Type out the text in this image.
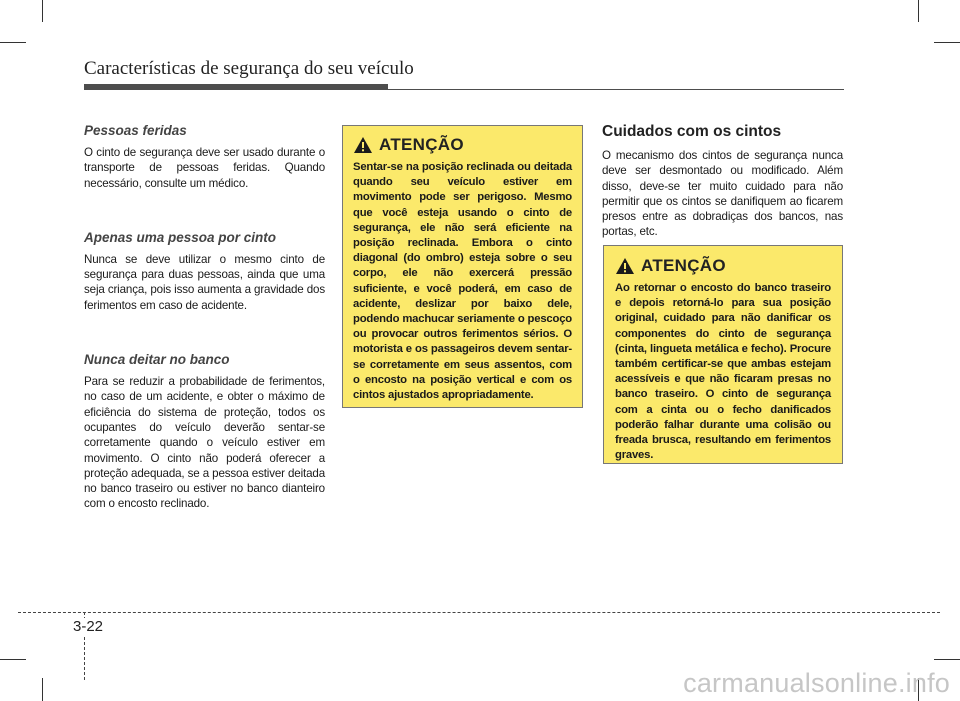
Características de segurança do seu veículo
Pessoas feridas

O cinto de segurança deve ser usado durante o transporte de pessoas feridas. Quando necessário, consulte um médico.

Apenas uma pessoa por cinto

Nunca se deve utilizar o mesmo cinto de segurança para duas pessoas, ainda que uma seja criança, pois isso aumenta a gravidade dos ferimentos em caso de acidente.

Nunca deitar no banco

Para se reduzir a probabilidade de ferimentos, no caso de um acidente, e obter o máximo de eficiência do sistema de proteção, todos os ocupantes do veículo deverão sentar-se corretamente quando o veículo estiver em movimento. O cinto não poderá oferecer a proteção adequada, se a pessoa estiver deitada no banco traseiro ou estiver no banco dianteiro com o encosto reclinado.

ATENÇÃO

Sentar-se na posição reclinada ou deitada quando seu veículo estiver em movimento pode ser perigoso. Mesmo que você esteja usando o cinto de segurança, ele não será eficiente na posição reclinada. Embora o cinto diagonal (do ombro) esteja sobre o seu corpo, ele não exercerá pressão suficiente, e você poderá, em caso de acidente, deslizar por baixo dele, podendo machucar seriamente o pescoço ou provocar outros ferimentos sérios. O motorista e os passageiros devem sentar-se corretamente em seus assentos, com o encosto na posição vertical e com os cintos ajustados apropriadamente.

Cuidados com os cintos

O mecanismo dos cintos de segurança nunca deve ser desmontado ou modificado. Além disso, deve-se ter muito cuidado para não permitir que os cintos se danifiquem ao ficarem presos entre as dobradiças dos bancos, nas portas, etc.

ATENÇÃO

Ao retornar o encosto do banco traseiro e depois retorná-lo para sua posição original, cuidado para não danificar os componentes do cinto de segurança (cinta, lingueta metálica e fecho). Procure também certificar-se que ambas estejam acessíveis e que não ficaram presas no banco traseiro. O cinto de segurança com a cinta ou o fecho danificados poderão falhar durante uma colisão ou freada brusca, resultando em ferimentos graves.

3-22
carmanualsonline.info
